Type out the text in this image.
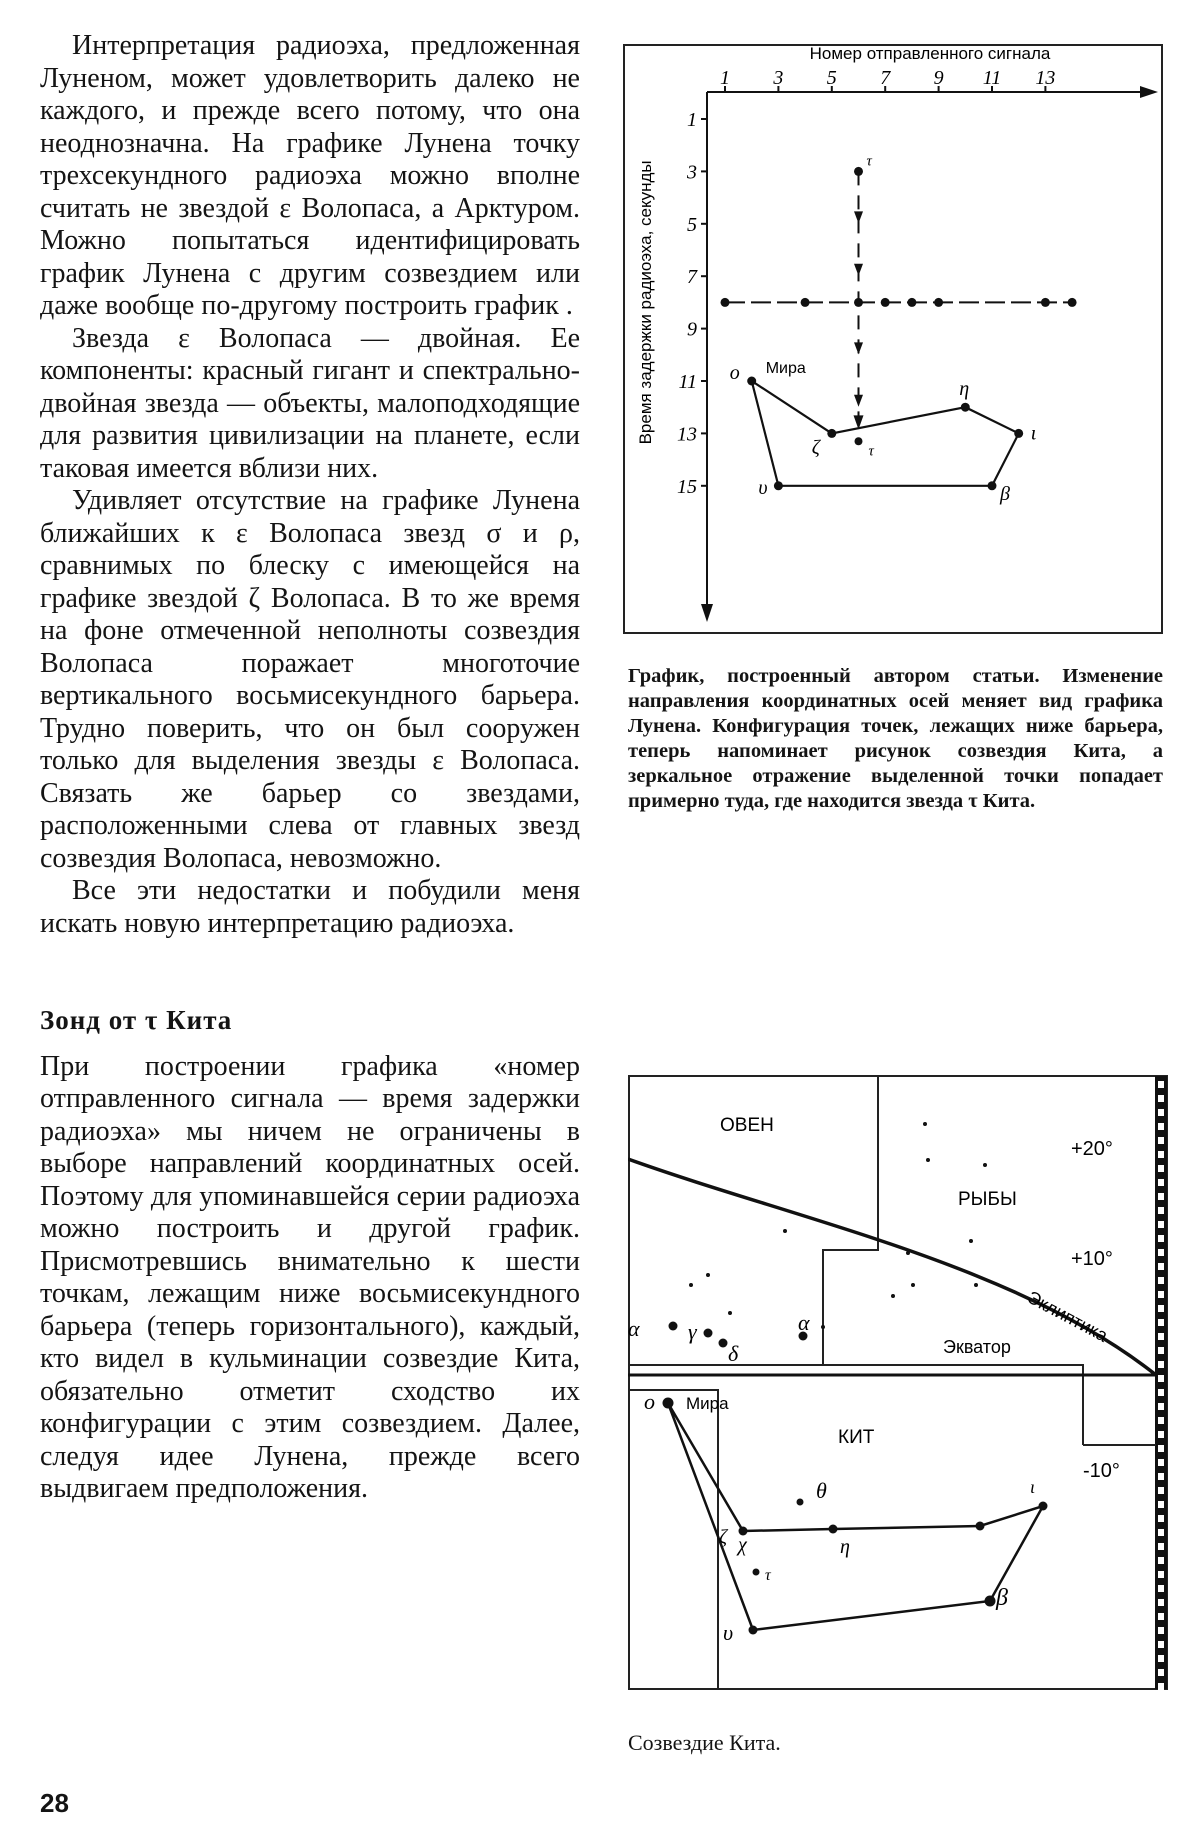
Интерпретация радиоэха, предложенная Луненом, может удовлетворить далеко не каждого, и прежде всего потому, что она неоднозначна. На графике Лунена точку трехсекундного радиоэха можно вполне считать не звездой ε Волопаса, а Арктуром. Можно попытаться идентифицировать график Лунена с другим созвездием или даже вообще по-другому построить график .

Звезда ε Волопаса — двойная. Ее компоненты: красный гигант и спектрально-двойная звезда — объекты, малоподходящие для развития цивилизации на планете, если таковая имеется вблизи них.

Удивляет отсутствие на графике Лунена ближайших к ε Волопаса звезд σ и ρ, сравнимых по блеску с имеющейся на графике звездой ζ Волопаса. В то же время на фоне отмеченной неполноты созвездия Волопаса поражает многоточие вертикального восьмисекундного барьера. Трудно поверить, что он был сооружен только для выделения звезды ε Волопаса. Связать же барьер со звездами, расположенными слева от главных звезд созвездия Волопаса, невозможно.

Все эти недостатки и побудили меня искать новую интерпретацию радиоэха.

Зонд от τ Кита

При построении графика «номер отправленного сигнала — время задержки радиоэха» мы ничем не ограничены в выборе направлений координатных осей. Поэтому для упоминавшейся серии радиоэха можно построить и другой график. Присмотревшись внимательно к шести точкам, лежащим ниже восьмисекундного барьера (теперь горизонтального), каждый, кто видел в кульминации созвездие Кита, обязательно отметит сходство их конфигурации с этим созвездием. Далее, следуя идее Лунена, прежде всего выдвигаем предположения.

Номер отправленного сигнала
Время задержки радиоэха, секунды
1 3 5 7 9 11 13
1
3
5
7
9
11
13
15
τ
τ
o
ζ
η
ι
β
υ
Мира
График, построенный автором статьи. Изменение направления координатных осей меняет вид графика Лунена. Конфигурация точек, лежащих ниже барьера, теперь напоминает рисунок созвездия Кита, а зеркальное отражение выделенной точки попадает примерно туда, где находится звезда τ Кита.
ОВЕН
РЫБЫ
КИТ
Эклиптика
Экватор
+20°
+10°
-10°
Мира
o
ζ χ	η
ι
β
υ
τ
θ
α	α
γ
δ
Созвездие Кита.
28
